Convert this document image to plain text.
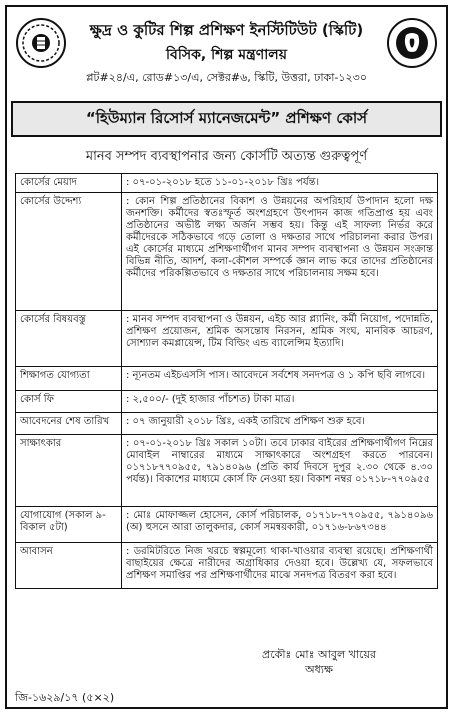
ক্ষুদ্র ও কুটির শিল্প প্রশিক্ষণ ইনস্টিটিউট (স্কিটি)
বিসিক, শিল্প মন্ত্রণালয়
প্লট#২৪/এ, রোড#১৩/এ, সেক্টর#৬, স্কিটি, উত্তরা, ঢাকা-১২৩০
“হিউম্যান রিসোর্স ম্যানেজমেন্ট” প্রশিক্ষণ কোর্স
মানব সম্পদ ব্যবস্থাপনার জন্য কোর্সটি অত্যন্ত গুরুত্বপূর্ণ
কোর্সের মেয়াদ	: ০৭-০১-২০১৮ হতে ১১-০১-২০১৮ খ্রিঃ পর্যন্ত।
কোর্সের উদ্দেশ্য	: কোন শিল্প প্রতিষ্ঠানের বিকাশ ও উন্নয়নের অপরিহার্য উপাদান হলো দক্ষ জনশক্তি। কর্মীদের স্বতঃস্ফূর্ত অংশগ্রহণে উৎপাদন কাজ গতিপ্রাপ্ত হয় এবং প্রতিষ্ঠানের অভীষ্ট লক্ষ্য অর্জন সম্ভব হয়। কিন্তু এই সাফল্য নির্ভর করে কর্মীদেরকে সঠিকভাবে গড়ে তোলা ও দক্ষতার সাথে পরিচালনা করার উপর। এই কোর্সের মাধ্যমে প্রশিক্ষণার্থীগণ মানব সম্পদ ব্যবস্থাপনা ও উন্নয়ন সংক্রান্ত বিভিন্ন নীতি, আদর্শ, কলা-কৌশল সম্পর্কে জ্ঞান লাভ করে তাদের প্রতিষ্ঠানের কর্মীদের পরিকল্পিতভাবে ও দক্ষতার সাথে পরিচালনায় সক্ষম হবে।
কোর্সের বিষয়বস্তু	: মানব সম্পদ ব্যবস্থাপনা ও উন্নয়ন, এইচ আর প্ল্যানিং, কর্মী নিয়োগ, পদোন্নতি, প্রশিক্ষণ প্রয়োজন, শ্রমিক অসন্তোষ নিরসন, শ্রমিক সংঘ, মানবিক আচরণ, সোশ্যাল কমপ্লায়েন্স, টিম বিল্ডিং এন্ড ব্যালেন্সিম ইত্যাদি।
শিক্ষাগত যোগ্যতা	: ন্যূনতম এইচএসসি পাস। আবেদনে সর্বশেষ সনদপত্র ও ১ কপি ছবি লাগবে।
কোর্স ফি	: ২,৫০০/- (দুই হাজার পাঁচশত) টাকা মাত্র।
আবেদনের শেষ তারিখ	: ০৭ জানুয়ারী ২০১৮ খ্রিঃ, একই তারিখে প্রশিক্ষণ শুরু হবে।
সাক্ষাৎকার	: ০৭-০১-২০১৮ খ্রিঃ সকাল ১০টা। তবে ঢাকার বাইরের প্রশিক্ষণার্থীগণ নিম্নের মোবাইল নাম্বারের মাধ্যমে সাক্ষাৎকারে অংশগ্রহণ করতে পারবেন। ০১৭১৮৭৭০৯৫৫, ৭৯১৪০৯৬ (প্রতি কার্য দিবসে দুপুর ২.৩০ থেকে ৪.৩০ পর্যন্ত)। বিকাশের মাধ্যমে কোর্স ফি নেওয়া হয়। বিকাশ নম্বর ০১৭১৮-৭৭০৯৫৫
যোগাযোগ (সকাল ৯-বিকাল ৫টা)	: মোঃ মোফাজ্জল হোসেন, কোর্স পরিচালক, ০১৭১৮-৭৭০৯৫৫, ৭৯১৪০৯৬ (অ) হুসনে আরা তালুকদার, কোর্স সমন্বয়কারী, ০১৭১৬-৮৬৭৩৪৪
আবাসন	: ডরমিটরিতে নিজ খরচে স্বল্পমূল্যে থাকা-খাওয়ার ব্যবস্থা রয়েছে। প্রশিক্ষণার্থী বাছাইয়ের ক্ষেত্রে নারীদের অগ্রাধিকার দেওয়া হবে। উল্লেখ্য যে, সফলভাবে প্রশিক্ষণ সমাপ্তির পর প্রশিক্ষণার্থীদের মাঝে সনদপত্র বিতরণ করা হবে।
প্রকৌঃ মোঃ আবুল খায়ের
অধ্যক্ষ
জি-১৬২৯/১৭ (৫×২)
